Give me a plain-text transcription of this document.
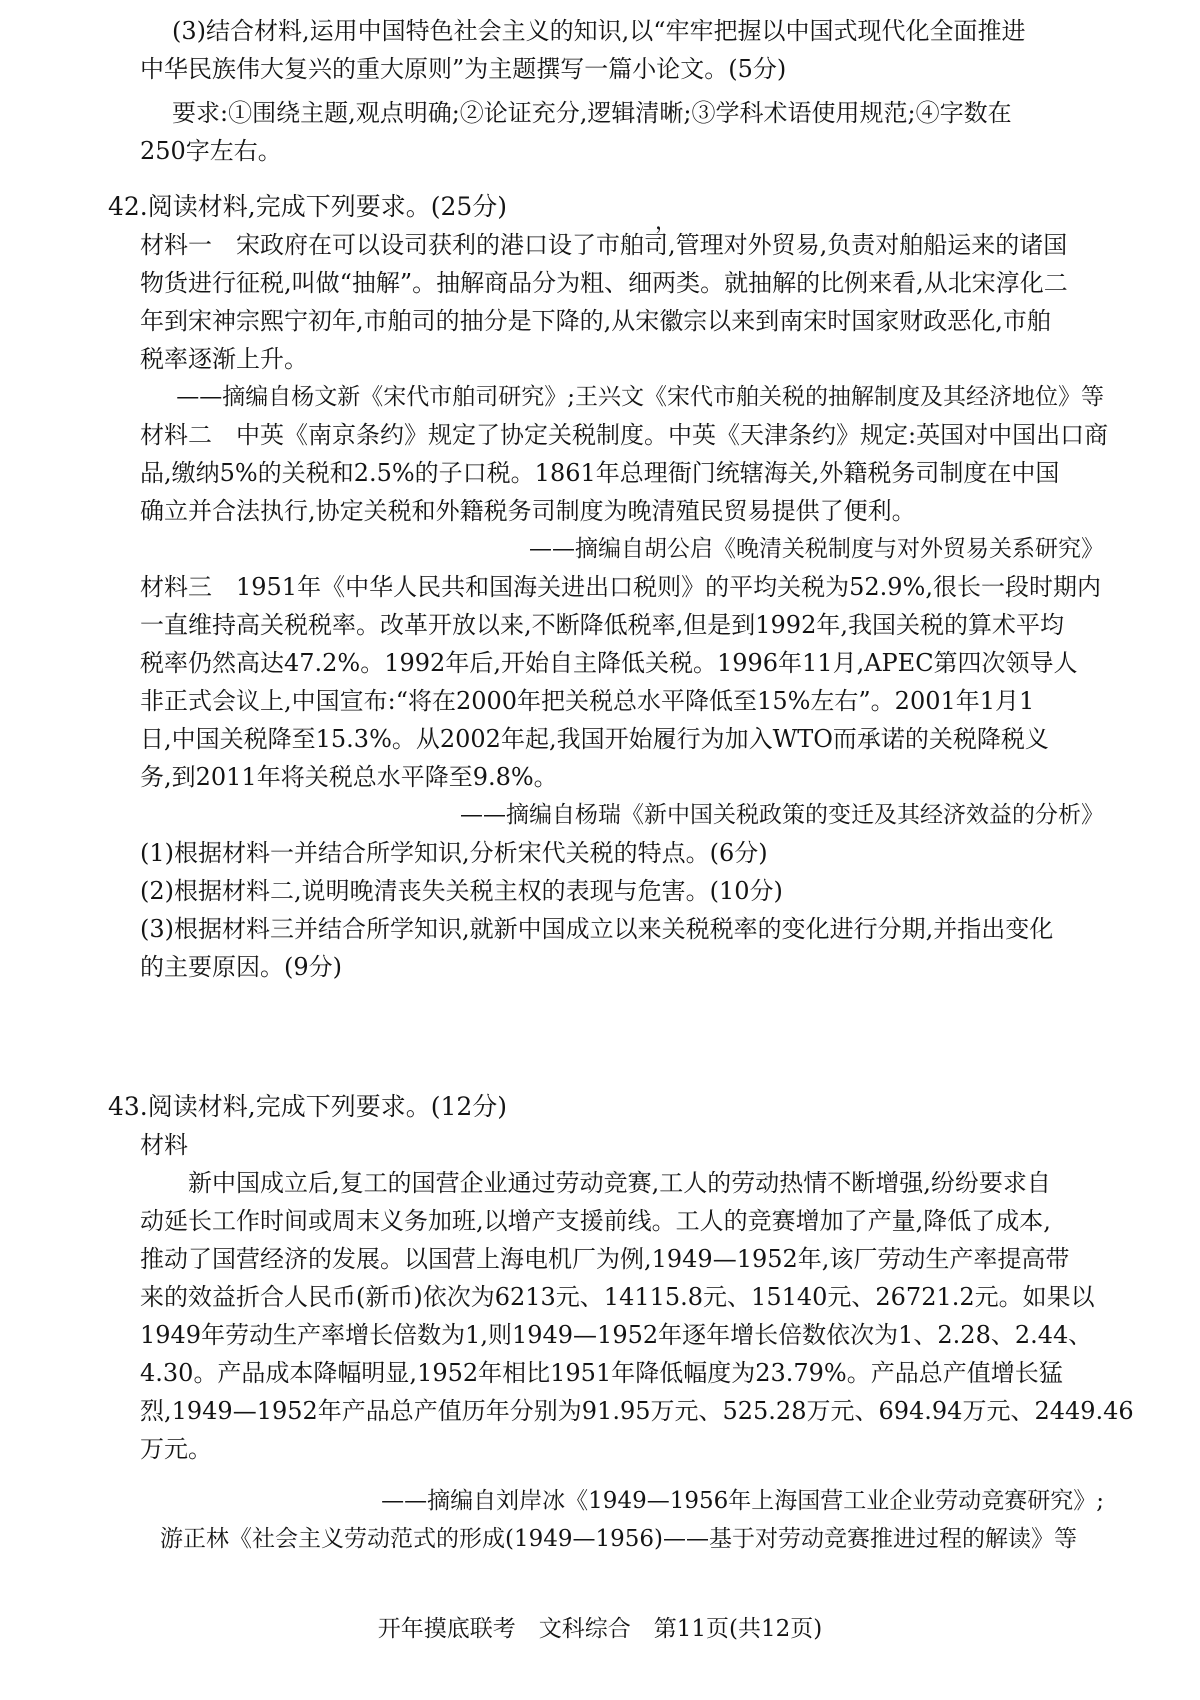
(3)结合材料,运用中国特色社会主义的知识,以“牢牢把握以中国式现代化全面推进
中华民族伟大复兴的重大原则”为主题撰写一篇小论文。(5分)
要求:①围绕主题,观点明确;②论证充分,逻辑清晰;③学科术语使用规范;④字数在
250字左右。
42.阅读材料,完成下列要求。(25分)
，
材料一　宋政府在可以设司获利的港口设了市舶司,管理对外贸易,负责对舶船运来的诸国
物货进行征税,叫做“抽解”。抽解商品分为粗、细两类。就抽解的比例来看,从北宋淳化二
年到宋神宗熙宁初年,市舶司的抽分是下降的,从宋徽宗以来到南宋时国家财政恶化,市舶
税率逐渐上升。
——摘编自杨文新《宋代市舶司研究》;王兴文《宋代市舶关税的抽解制度及其经济地位》等
材料二　中英《南京条约》规定了协定关税制度。中英《天津条约》规定:英国对中国出口商
品,缴纳5%的关税和2.5%的子口税。1861年总理衙门统辖海关,外籍税务司制度在中国
确立并合法执行,协定关税和外籍税务司制度为晚清殖民贸易提供了便利。
——摘编自胡公启《晚清关税制度与对外贸易关系研究》
材料三　1951年《中华人民共和国海关进出口税则》的平均关税为52.9%,很长一段时期内
一直维持高关税税率。改革开放以来,不断降低税率,但是到1992年,我国关税的算术平均
税率仍然高达47.2%。1992年后,开始自主降低关税。1996年11月,APEC第四次领导人
非正式会议上,中国宣布:“将在2000年把关税总水平降低至15%左右”。2001年1月1
日,中国关税降至15.3%。从2002年起,我国开始履行为加入WTO而承诺的关税降税义
务,到2011年将关税总水平降至9.8%。
——摘编自杨瑞《新中国关税政策的变迁及其经济效益的分析》
(1)根据材料一并结合所学知识,分析宋代关税的特点。(6分)
(2)根据材料二,说明晚清丧失关税主权的表现与危害。(10分)
(3)根据材料三并结合所学知识,就新中国成立以来关税税率的变化进行分期,并指出变化
的主要原因。(9分)
43.阅读材料,完成下列要求。(12分)
材料
　　新中国成立后,复工的国营企业通过劳动竞赛,工人的劳动热情不断增强,纷纷要求自
动延长工作时间或周末义务加班,以增产支援前线。工人的竞赛增加了产量,降低了成本,
推动了国营经济的发展。以国营上海电机厂为例,1949—1952年,该厂劳动生产率提高带
来的效益折合人民币(新币)依次为6213元、14115.8元、15140元、26721.2元。如果以
1949年劳动生产率增长倍数为1,则1949—1952年逐年增长倍数依次为1、2.28、2.44、
4.30。产品成本降幅明显,1952年相比1951年降低幅度为23.79%。产品总产值增长猛
烈,1949—1952年产品总产值历年分别为91.95万元、525.28万元、694.94万元、2449.46
万元。
——摘编自刘岸冰《1949—1956年上海国营工业企业劳动竞赛研究》;
游正林《社会主义劳动范式的形成(1949—1956)——基于对劳动竞赛推进过程的解读》等
开年摸底联考　文科综合　第11页(共12页)
